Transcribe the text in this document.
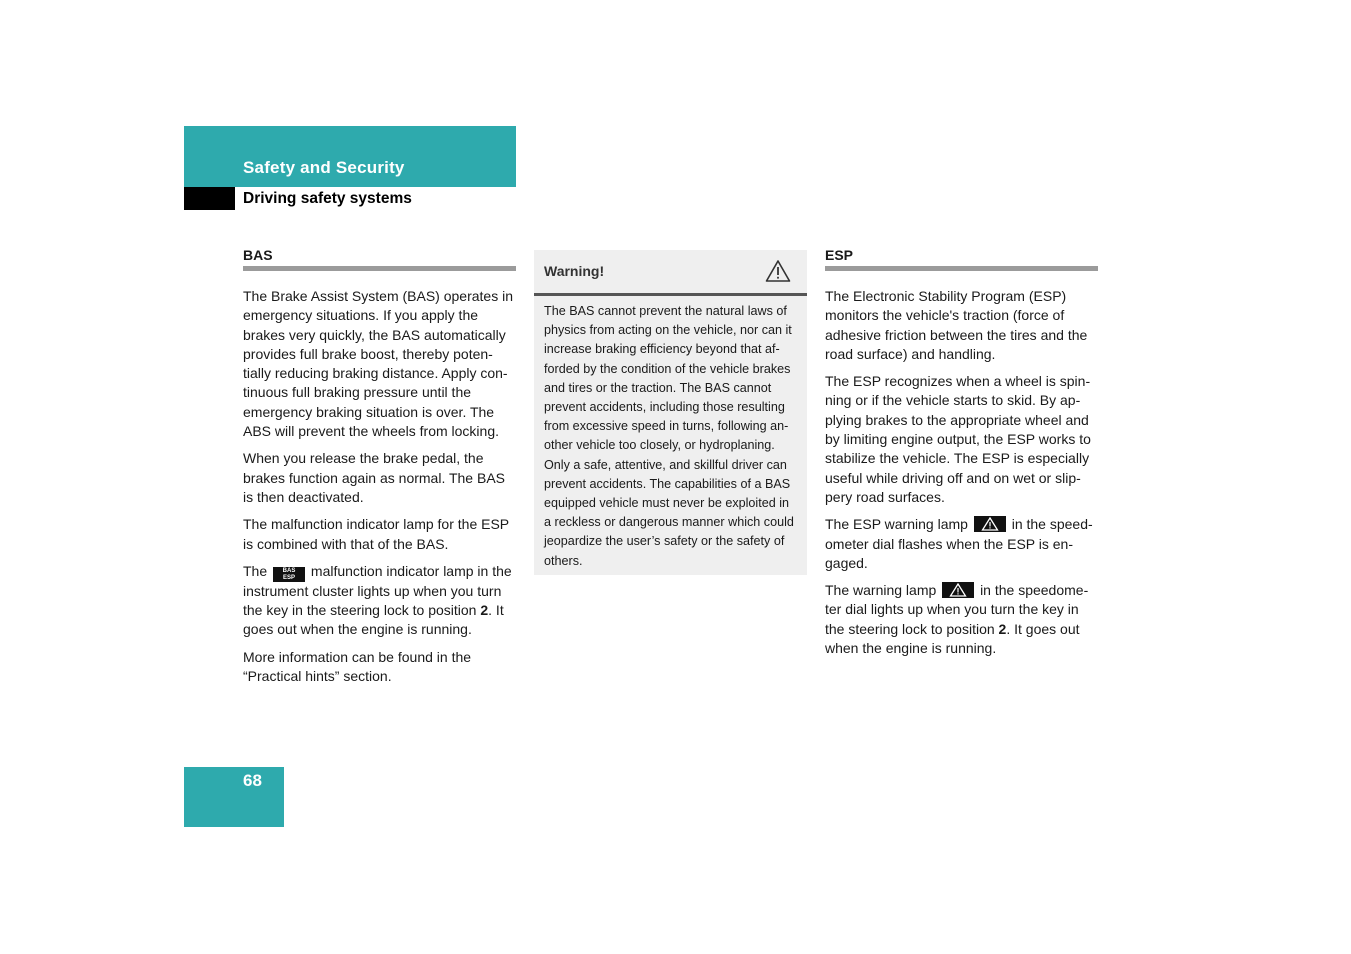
Safety and Security
Driving safety systems
BAS

The Brake Assist System (BAS) operates in emergency situations. If you apply the brakes very quickly, the BAS automatically provides full brake boost, thereby poten-tially reducing braking distance. Apply con-tinuous full braking pressure until the emergency braking situation is over. The ABS will prevent the wheels from locking.

When you release the brake pedal, the brakes function again as normal. The BAS is then deactivated.

The malfunction indicator lamp for the ESP is combined with that of the BAS.

The	BAS
ESP malfunction indicator lamp in the instrument cluster lights up when you turn the key in the steering lock to position 2. It goes out when the engine is running.

More information can be found in the “Practical hints” section.

Warning!
The BAS cannot prevent the natural laws of physics from acting on the vehicle, nor can it increase braking efficiency beyond that af-forded by the condition of the vehicle brakes and tires or the traction. The BAS cannot prevent accidents, including those resulting from excessive speed in turns, following an-other vehicle too closely, or hydroplaning. Only a safe, attentive, and skillful driver can prevent accidents. The capabilities of a BAS equipped vehicle must never be exploited in a reckless or dangerous manner which could jeopardize the user’s safety or the safety of others.
ESP

The Electronic Stability Program (ESP) monitors the vehicle's traction (force of adhesive friction between the tires and the road surface) and handling.

The ESP recognizes when a wheel is spin-ning or if the vehicle starts to skid. By ap-plying brakes to the appropriate wheel and by limiting engine output, the ESP works to stabilize the vehicle. The ESP is especially useful while driving off and on wet or slip-pery road surfaces.

The ESP warning lamp	in the speed-ometer dial flashes when the ESP is en-gaged.

The warning lamp	in the speedome-ter dial lights up when you turn the key in the steering lock to position 2. It goes out when the engine is running.

68
